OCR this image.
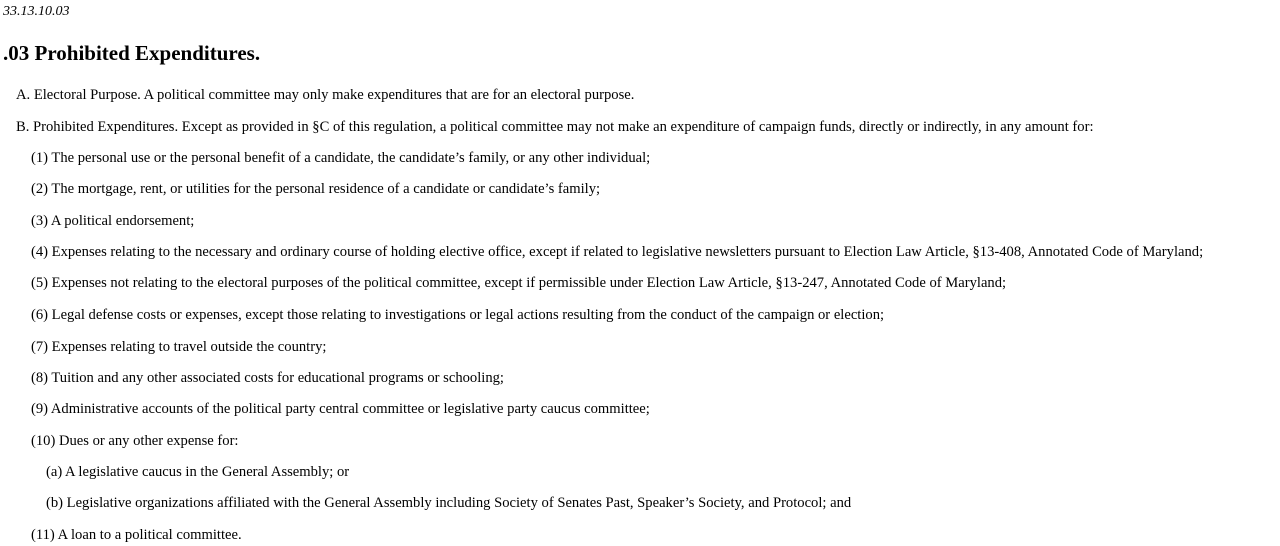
33.13.10.03
.03 Prohibited Expenditures.

A. Electoral Purpose. A political committee may only make expenditures that are for an electoral purpose.

B. Prohibited Expenditures. Except as provided in §C of this regulation, a political committee may not make an expenditure of campaign funds, directly or indirectly, in any amount for:

(1) The personal use or the personal benefit of a candidate, the candidate’s family, or any other individual;

(2) The mortgage, rent, or utilities for the personal residence of a candidate or candidate’s family;

(3) A political endorsement;

(4) Expenses relating to the necessary and ordinary course of holding elective office, except if related to legislative newsletters pursuant to Election Law Article, §13-408, Annotated Code of Maryland;

(5) Expenses not relating to the electoral purposes of the political committee, except if permissible under Election Law Article, §13-247, Annotated Code of Maryland;

(6) Legal defense costs or expenses, except those relating to investigations or legal actions resulting from the conduct of the campaign or election;

(7) Expenses relating to travel outside the country;

(8) Tuition and any other associated costs for educational programs or schooling;

(9) Administrative accounts of the political party central committee or legislative party caucus committee;

(10) Dues or any other expense for:

(a) A legislative caucus in the General Assembly; or

(b) Legislative organizations affiliated with the General Assembly including Society of Senates Past, Speaker’s Society, and Protocol; and

(11) A loan to a political committee.
